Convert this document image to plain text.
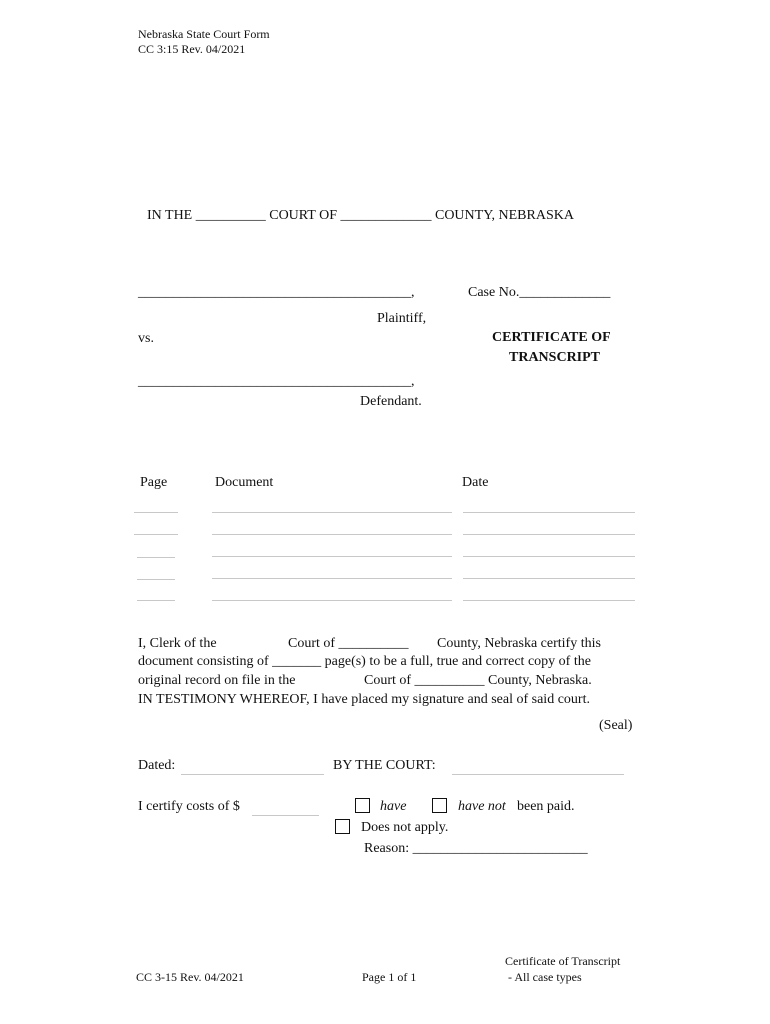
Nebraska State Court Form
CC 3:15 Rev. 04/2021
IN THE __________ COURT OF _____________ COUNTY, NEBRASKA
_______________________________________,	Case No._____________
Plaintiff,
vs.	CERTIFICATE OF
TRANSCRIPT
_______________________________________,
Defendant.
Page	Document	Date
I, Clerk of the	Court of __________ County, Nebraska certify this
document consisting of _______ page(s) to be a full, true and correct copy of the
original record on file in the	Court of __________ County, Nebraska.
IN TESTIMONY WHEREOF, I have placed my signature and seal of said court.
(Seal)
Dated:	BY THE COURT:
I certify costs of $	have	have not been paid.
Does not apply.
Reason: _________________________
CC 3-15 Rev. 04/2021	Page 1 of 1
Certificate of Transcript
- All case types
